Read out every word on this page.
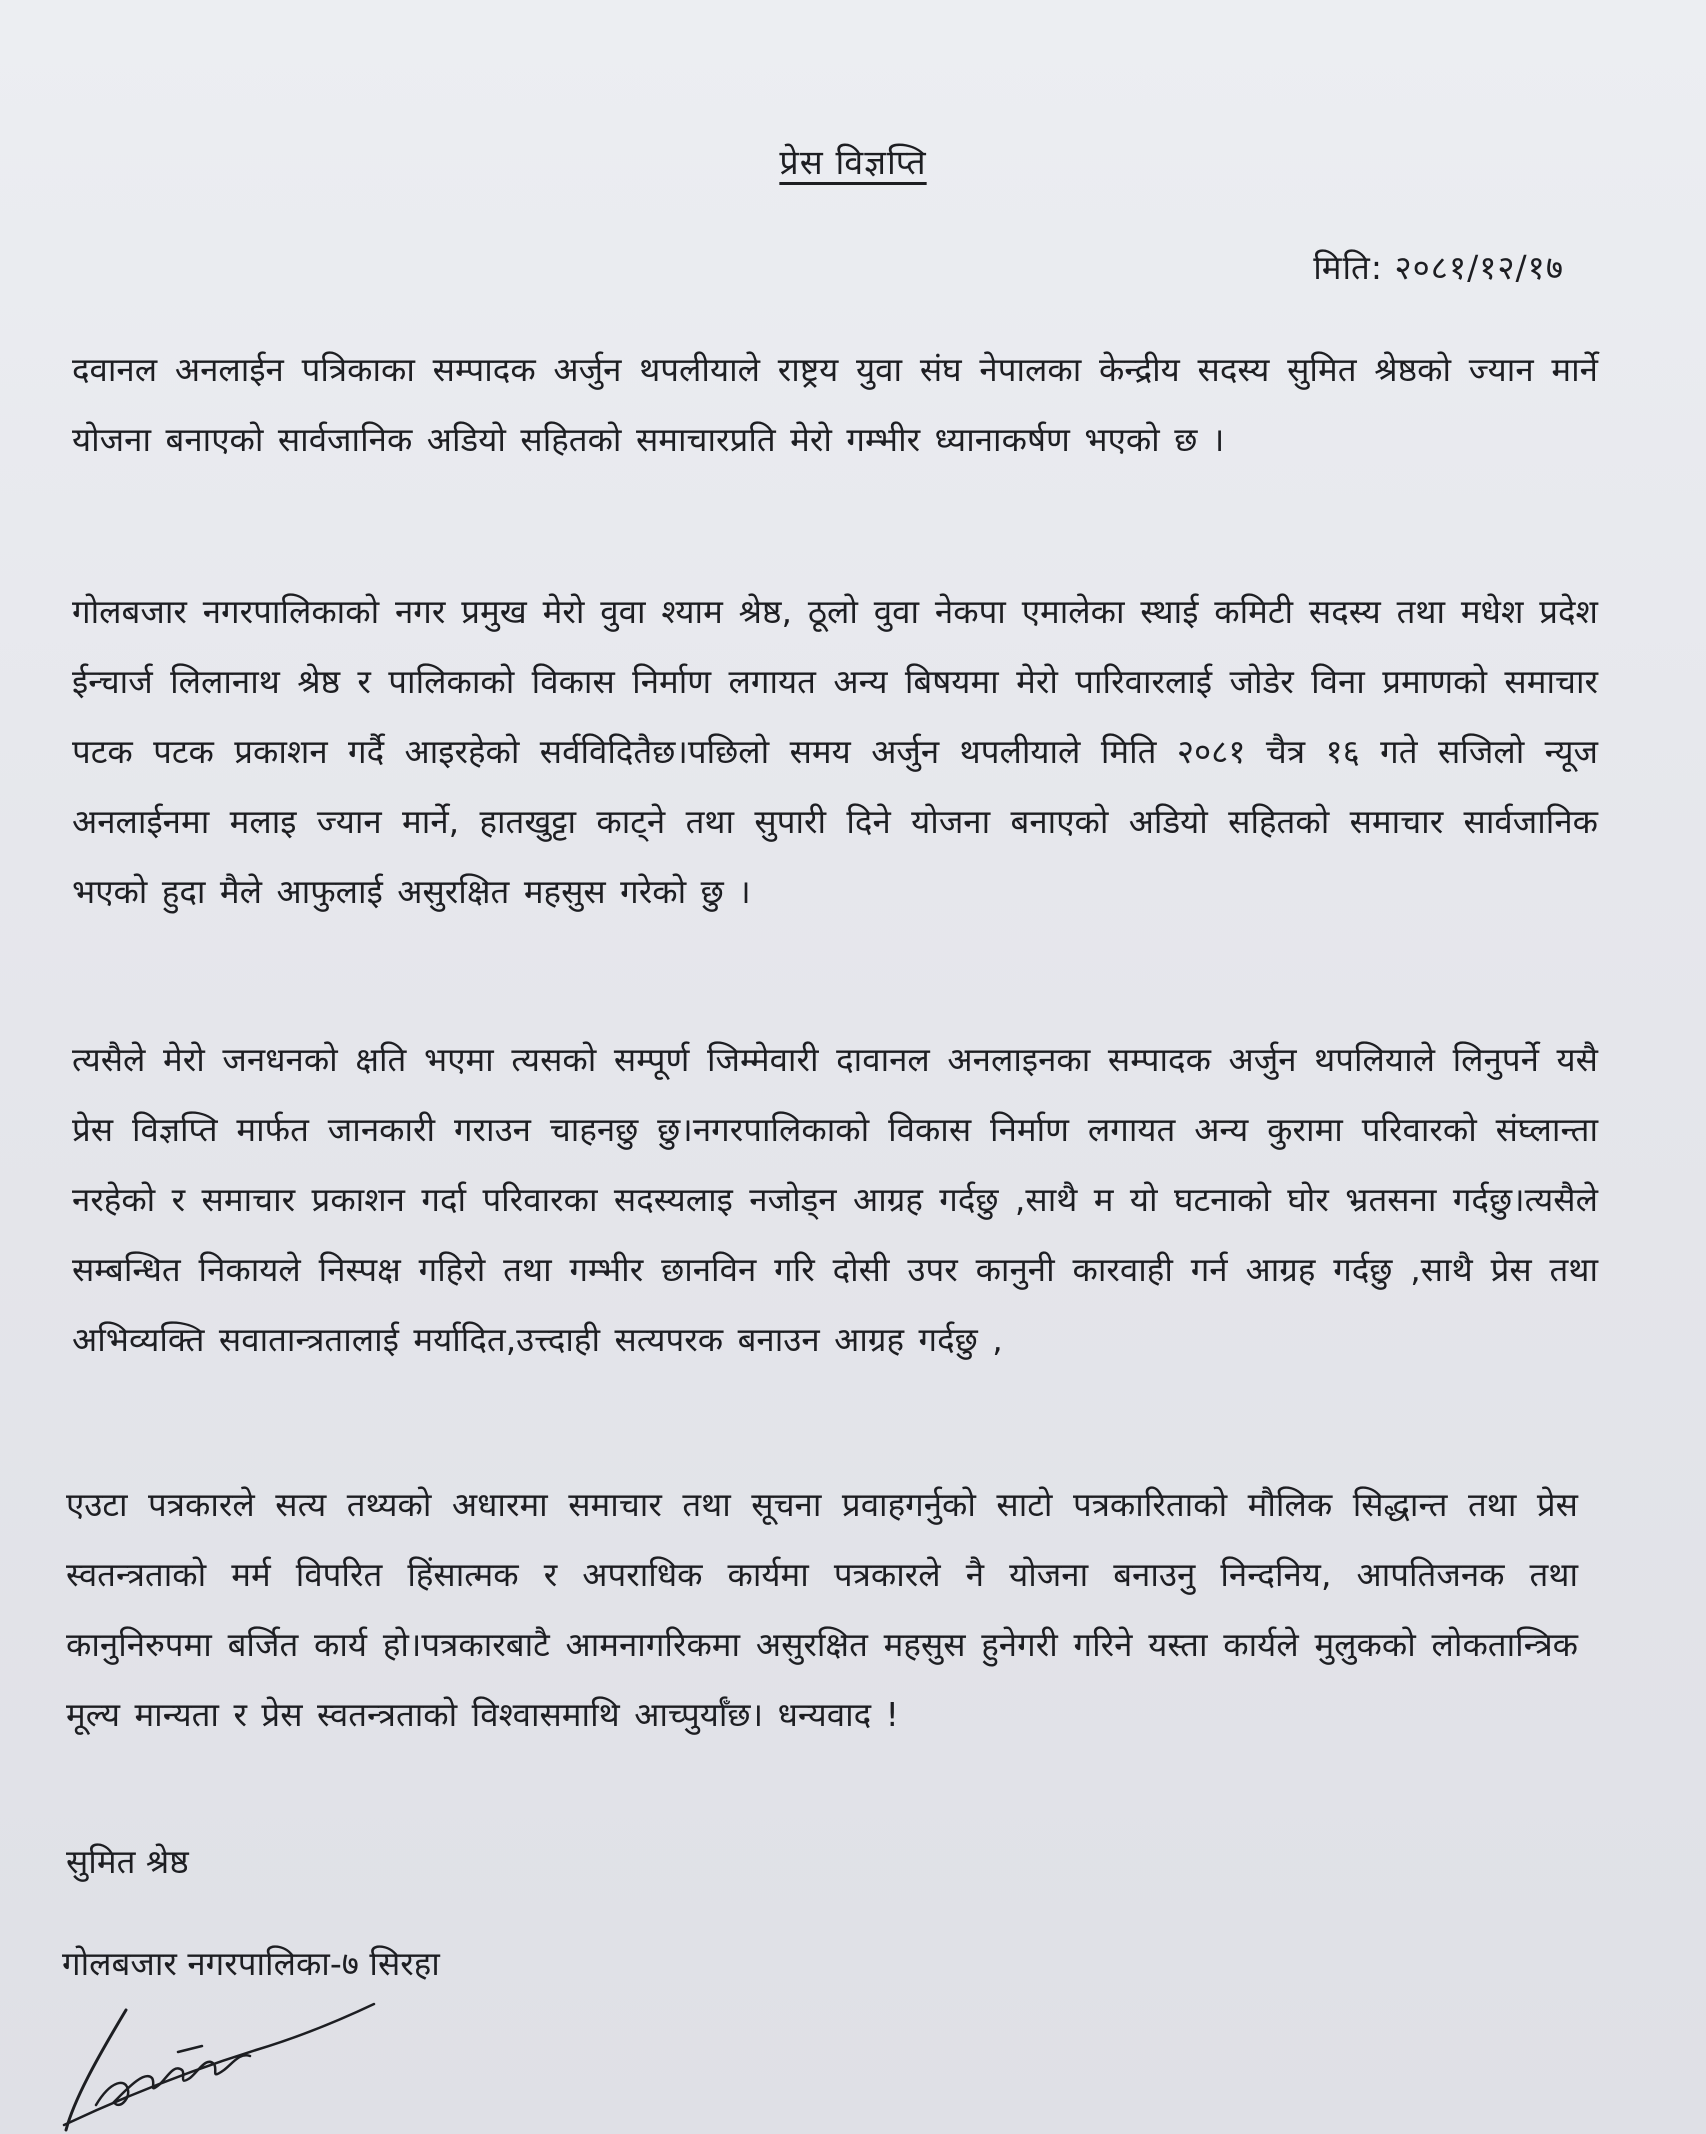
प्रेस विज्ञप्ति
मिति: २०८१/१२/१७
दवानल अनलाईन पत्रिकाका सम्पादक अर्जुन थपलीयाले राष्ट्रय युवा संघ नेपालका केन्द्रीय सदस्य सुमित श्रेष्ठको ज्यान मार्ने योजना बनाएको सार्वजानिक अडियो सहितको समाचारप्रति मेरो गम्भीर ध्यानाकर्षण भएको छ ।
गोलबजार नगरपालिकाको नगर प्रमुख मेरो वुवा श्याम श्रेष्ठ, ठूलो वुवा नेकपा एमालेका स्थाई कमिटी सदस्य तथा मधेश प्रदेश ईन्चार्ज लिलानाथ श्रेष्ठ र पालिकाको विकास निर्माण लगायत अन्य बिषयमा मेरो पारिवारलाई जोडेर विना प्रमाणको समाचार पटक पटक प्रकाशन गर्दै आइरहेको सर्वविदितैछ।पछिलो समय अर्जुन थपलीयाले मिति २०८१ चैत्र १६ गते सजिलो न्यूज अनलाईनमा मलाइ ज्यान मार्ने, हातखुट्टा काट्ने तथा सुपारी दिने योजना बनाएको अडियो सहितको समाचार सार्वजानिक भएको हुदा मैले आफुलाई असुरक्षित महसुस गरेको छु ।
त्यसैले मेरो जनधनको क्षति भएमा त्यसको सम्पूर्ण जिम्मेवारी दावानल अनलाइनका सम्पादक अर्जुन थपलियाले लिनुपर्ने यसै प्रेस विज्ञप्ति मार्फत जानकारी गराउन चाहनछु छु।नगरपालिकाको विकास निर्माण लगायत अन्य कुरामा परिवारको संघ्लान्ता नरहेको र समाचार प्रकाशन गर्दा परिवारका सदस्यलाइ नजोड्न आग्रह गर्दछु ,साथै म यो घटनाको घोर भ्रतसना गर्दछु।त्यसैले सम्बन्धित निकायले निस्पक्ष गहिरो तथा गम्भीर छानविन गरि दोसी उपर कानुनी कारवाही गर्न आग्रह गर्दछु ,साथै प्रेस तथा अभिव्यक्ति सवातान्त्रतालाई मर्यादित,उत्त्दाही सत्यपरक बनाउन आग्रह गर्दछु ,
एउटा पत्रकारले सत्य तथ्यको अधारमा समाचार तथा सूचना प्रवाहगर्नुको साटो पत्रकारिताको मौलिक सिद्धान्त तथा प्रेस स्वतन्त्रताको मर्म विपरित हिंसात्मक र अपराधिक कार्यमा पत्रकारले नै योजना बनाउनु निन्दनिय, आपतिजनक तथा कानुनिरुपमा बर्जित कार्य हो।पत्रकारबाटै आमनागरिकमा असुरक्षित महसुस हुनेगरी गरिने यस्ता कार्यले मुलुकको लोकतान्त्रिक मूल्य मान्यता र प्रेस स्वतन्त्रताको विश्वासमाथि आच्पुर्याँछ। धन्यवाद !
सुमित श्रेष्ठ
गोलबजार नगरपालिका-७ सिरहा
